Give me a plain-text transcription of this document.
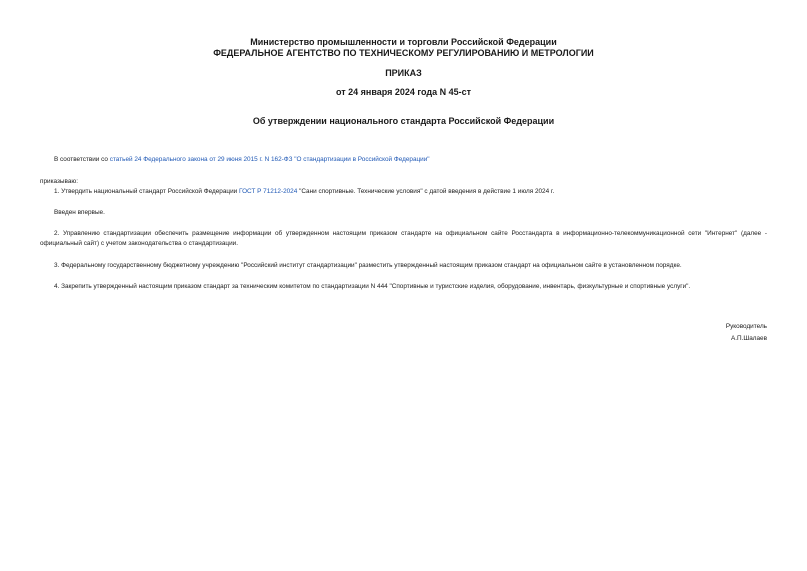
Министерство промышленности и торговли Российской Федерации
ФЕДЕРАЛЬНОЕ АГЕНТСТВО ПО ТЕХНИЧЕСКОМУ РЕГУЛИРОВАНИЮ И МЕТРОЛОГИИ
ПРИКАЗ
от 24 января 2024 года N 45-ст
Об утверждении национального стандарта Российской Федерации
В соответствии со статьей 24 Федерального закона от 29 июня 2015 г. N 162-ФЗ "О стандартизации в Российской Федерации"
приказываю:
1. Утвердить национальный стандарт Российской Федерации ГОСТ Р 71212-2024 "Сани спортивные. Технические условия" с датой введения в действие 1 июля 2024 г.
Введен впервые.
2. Управлению стандартизации обеспечить размещение информации об утвержденном настоящим приказом стандарте на официальном сайте Росстандарта в информационно-телекоммуникационной сети "Интернет" (далее - официальный сайт) с учетом законодательства о стандартизации.
3. Федеральному государственному бюджетному учреждению "Российский институт стандартизации" разместить утвержденный настоящим приказом стандарт на официальном сайте в установленном порядке.
4. Закрепить утвержденный настоящим приказом стандарт за техническим комитетом по стандартизации N 444 "Спортивные и туристские изделия, оборудование, инвентарь, физкультурные и спортивные услуги".
Руководитель
А.П.Шалаев
